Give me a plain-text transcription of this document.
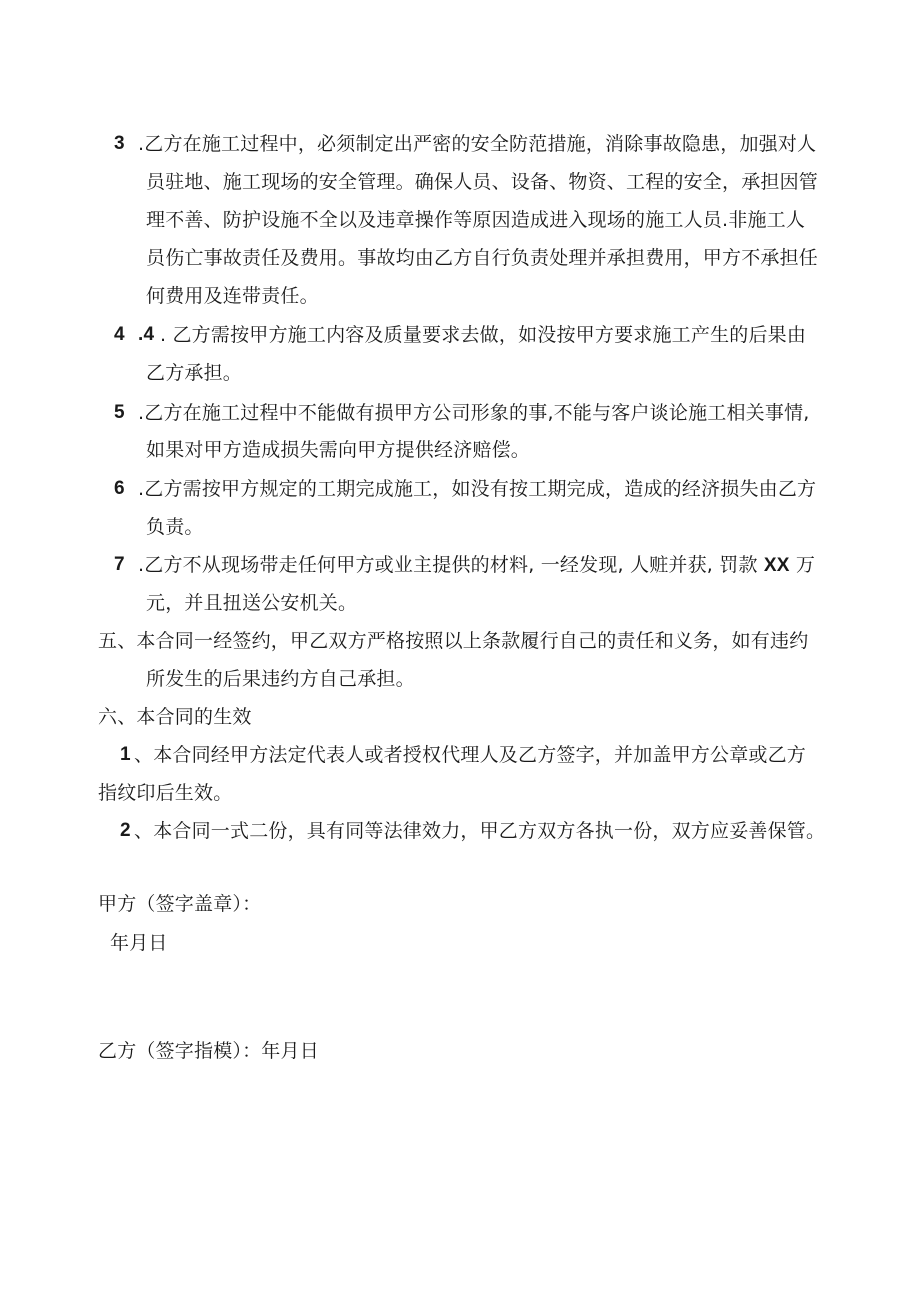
3 .乙方在施工过程中，必须制定出严密的安全防范措施，消除事故隐患，加强对人
员驻地、施工现场的安全管理。确保人员、设备、物资、工程的安全，承担因管
理不善、防护设施不全以及违章操作等原因造成进入现场的施工人员.非施工人
员伤亡事故责任及费用。事故均由乙方自行负责处理并承担费用，甲方不承担任
何费用及连带责任。
4 .4 . 乙方需按甲方施工内容及质量要求去做，如没按甲方要求施工产生的后果由
乙方承担。
5 .乙方在施工过程中不能做有损甲方公司形象的事,不能与客户谈论施工相关事情,
如果对甲方造成损失需向甲方提供经济赔偿。
6 .乙方需按甲方规定的工期完成施工，如没有按工期完成，造成的经济损失由乙方
负责。
7 .乙方不从现场带走任何甲方或业主提供的材料, 一经发现, 人赃并获, 罚款 XX 万
元，并且扭送公安机关。
五、本合同一经签约，甲乙双方严格按照以上条款履行自己的责任和义务，如有违约
所发生的后果违约方自己承担。
六、本合同的生效
1 、本合同经甲方法定代表人或者授权代理人及乙方签字，并加盖甲方公章或乙方
指纹印后生效。
2 、本合同一式二份，具有同等法律效力，甲乙方双方各执一份，双方应妥善保管。
甲方（签字盖章）：
年月日
乙方（签字指模）：年月日
